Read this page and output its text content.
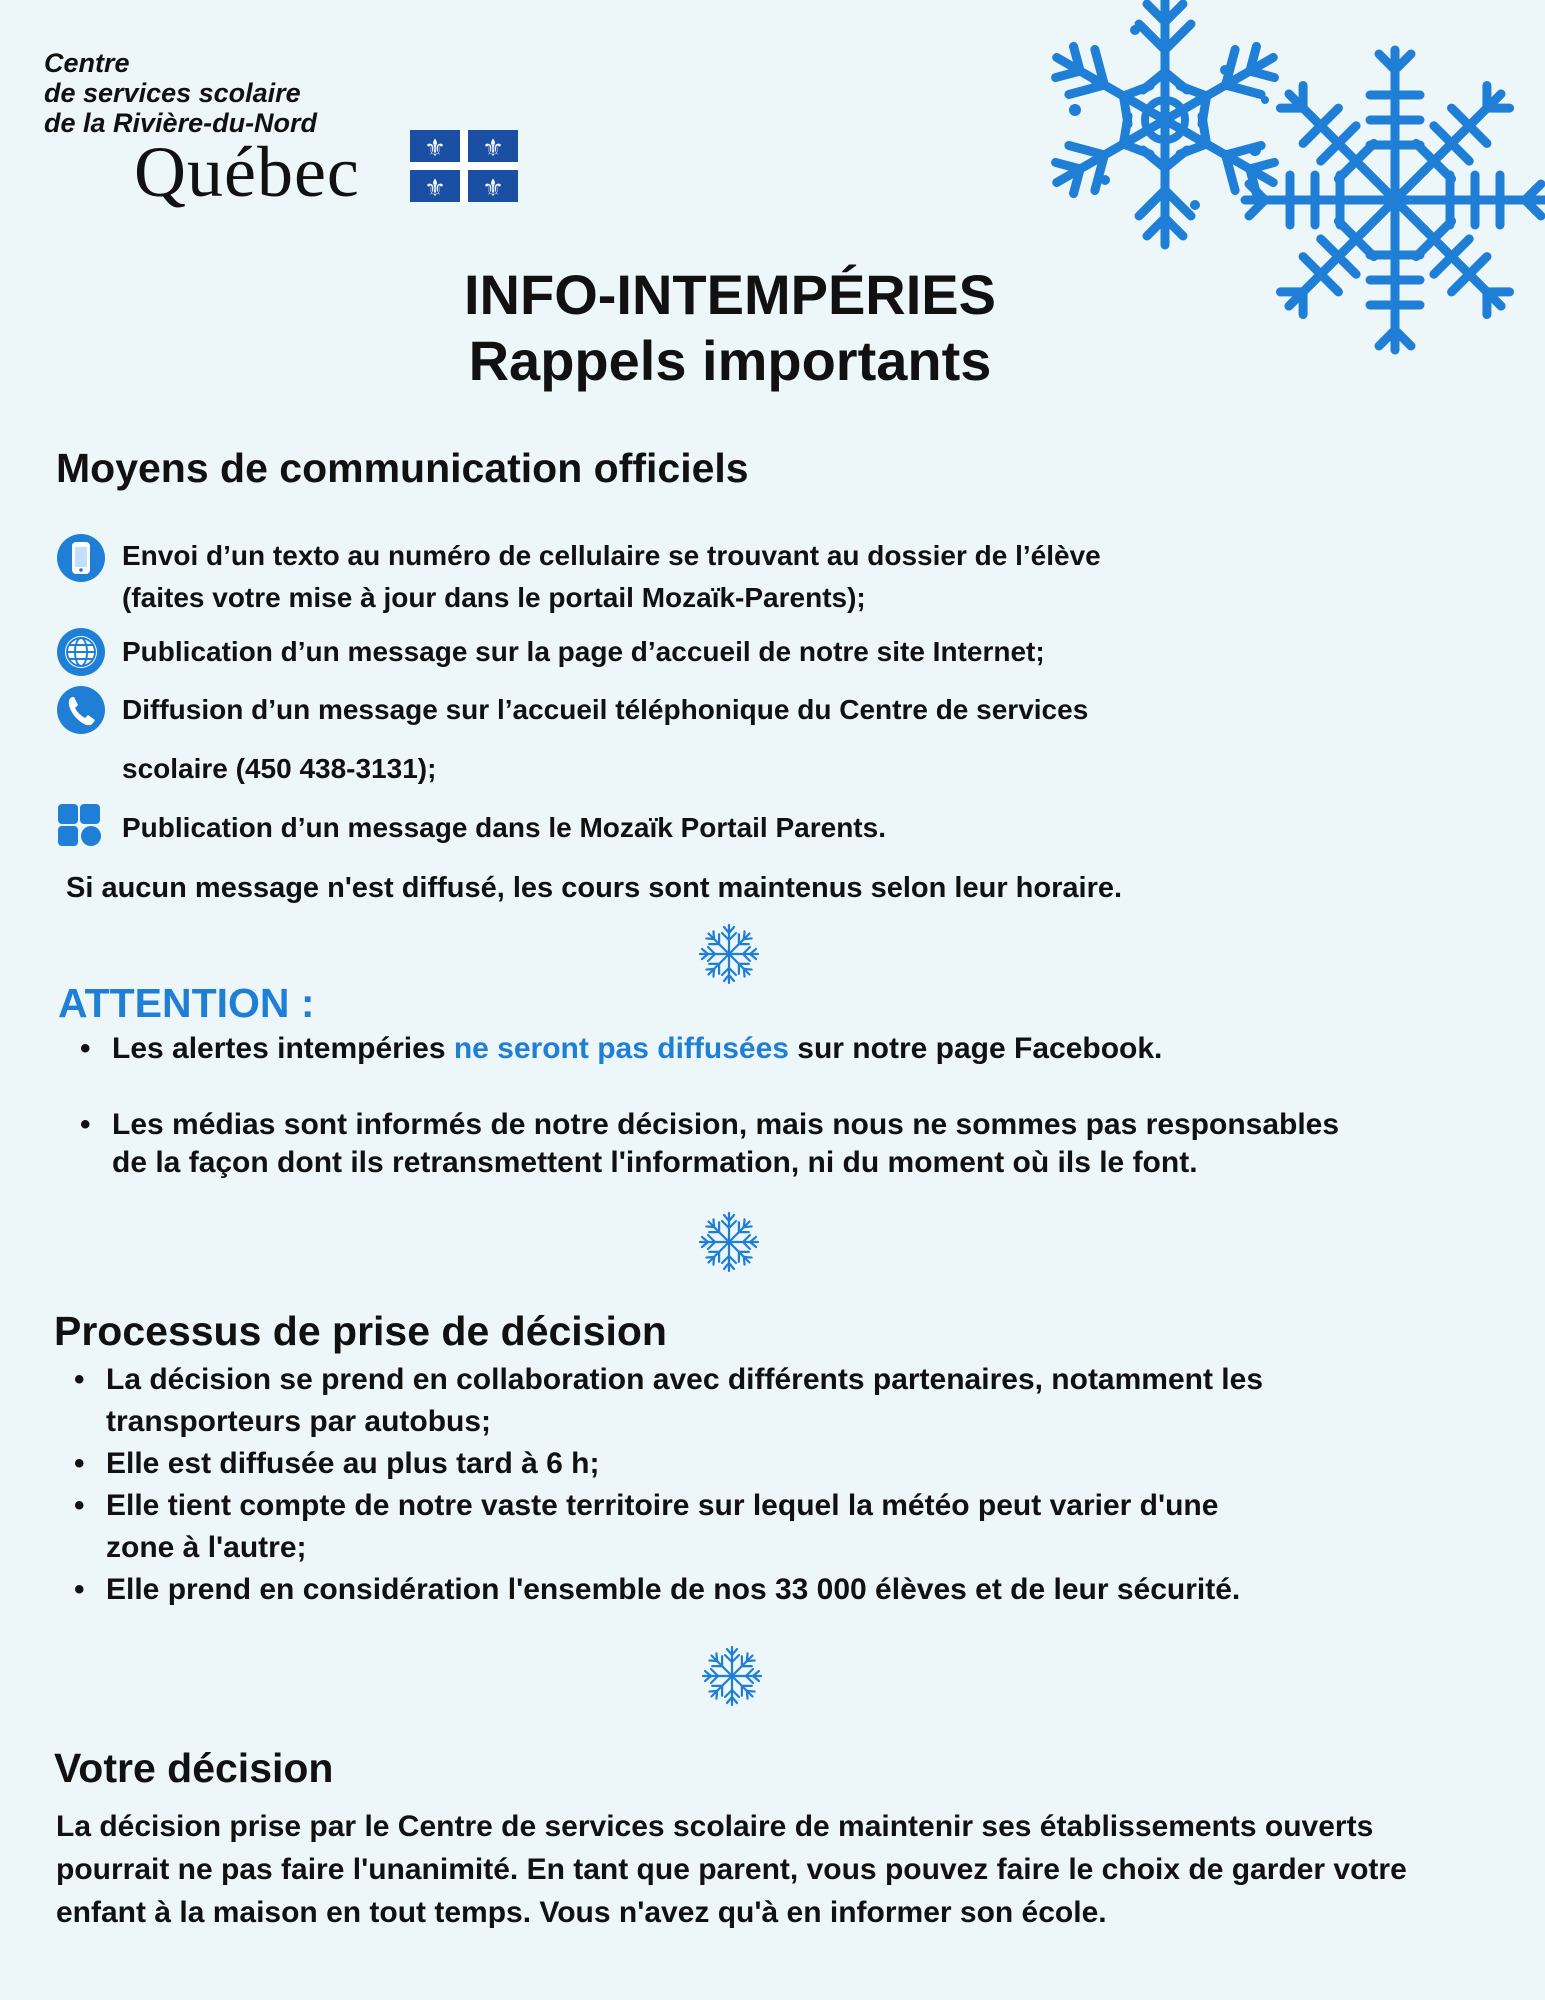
Centre
de services scolaire
de la Rivière-du-Nord
Québec	⚜ ⚜
⚜ ⚜
INFO-INTEMPÉRIES
Rappels importants
Moyens de communication officiels
Envoi d’un texto au numéro de cellulaire se trouvant au dossier de l’élève
(faites votre mise à jour dans le portail Mozaïk-Parents);
Publication d’un message sur la page d’accueil de notre site Internet;
Diffusion d’un message sur l’accueil téléphonique du Centre de services
scolaire (450 438-3131);
Publication d’un message dans le Mozaïk Portail Parents.
Si aucun message n'est diffusé, les cours sont maintenus selon leur horaire.
ATTENTION :
• Les alertes intempéries ne seront pas diffusées sur notre page Facebook.
• Les médias sont informés de notre décision, mais nous ne sommes pas responsables
de la façon dont ils retransmettent l'information, ni du moment où ils le font.
Processus de prise de décision
• La décision se prend en collaboration avec différents partenaires, notamment les
transporteurs par autobus;
• Elle est diffusée au plus tard à 6 h;
• Elle tient compte de notre vaste territoire sur lequel la météo peut varier d'une
zone à l'autre;
• Elle prend en considération l'ensemble de nos 33 000 élèves et de leur sécurité.
Votre décision
La décision prise par le Centre de services scolaire de maintenir ses établissements ouverts pourrait ne pas faire l'unanimité. En tant que parent, vous pouvez faire le choix de garder votre enfant à la maison en tout temps. Vous n'avez qu'à en informer son école.
